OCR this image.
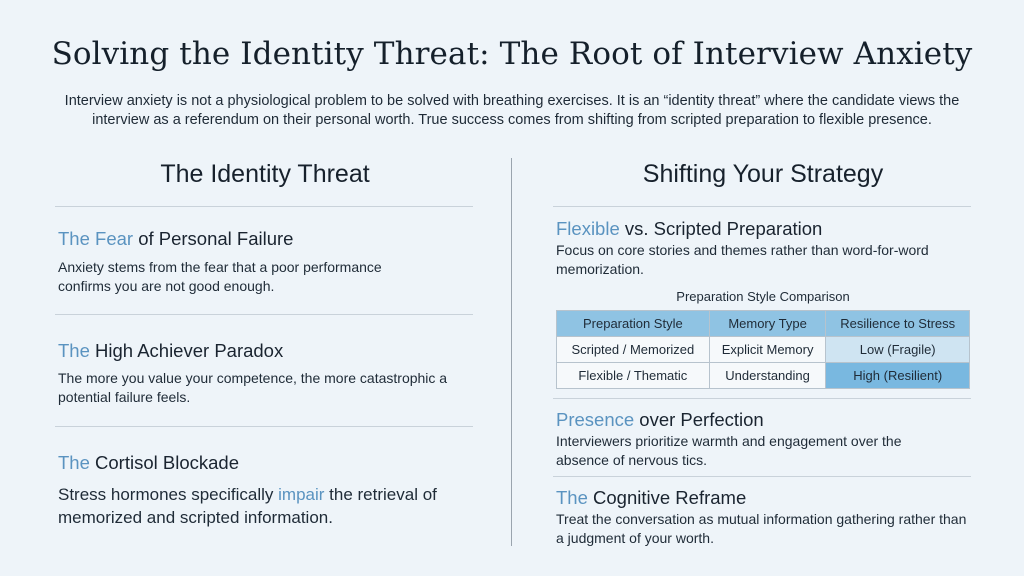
Solving the Identity Threat: The Root of Interview Anxiety
Interview anxiety is not a physiological problem to be solved with breathing exercises. It is an “identity threat” where the candidate views the interview as a referendum on their personal worth. True success comes from shifting from scripted preparation to flexible presence.
The Identity Threat
The Fear of Personal Failure
Anxiety stems from the fear that a poor performance confirms you are not good enough.
The High Achiever Paradox
The more you value your competence, the more catastrophic a potential failure feels.
The Cortisol Blockade
Stress hormones specifically impair the retrieval of memorized and scripted information.
Shifting Your Strategy
Flexible vs. Scripted Preparation
Focus on core stories and themes rather than word-for-word memorization.
Preparation Style Comparison
Preparation Style	Memory Type	Resilience to Stress
Scripted / Memorized	Explicit Memory	Low (Fragile)
Flexible / Thematic	Understanding	High (Resilient)
Presence over Perfection
Interviewers prioritize warmth and engagement over the absence of nervous tics.
The Cognitive Reframe
Treat the conversation as mutual information gathering rather than a judgment of your worth.
